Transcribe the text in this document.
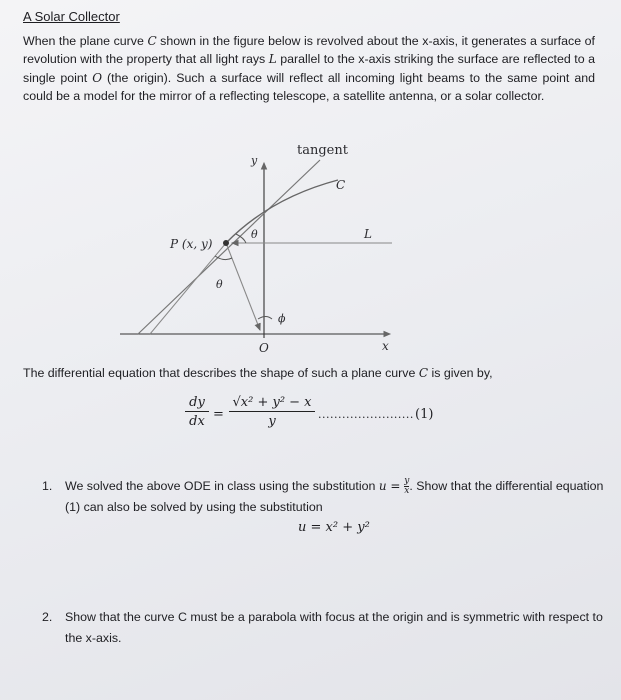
A Solar Collector
When the plane curve C shown in the figure below is revolved about the x-axis, it generates a surface of revolution with the property that all light rays L parallel to the x-axis striking the surface are reflected to a single point O (the origin). Such a surface will reflect all incoming light beams to the same point and could be a model for the mirror of a reflecting telescope, a satellite antenna, or a solar collector.
tangent
C
L
P (x, y)
θ
θ
ϕ
O	x
y
The differential equation that describes the shape of such a plane curve C is given by,
$\frac{dy}{dx} = \frac{\text{√x² + y² − x}}{y}$ ........................ (1)
1. We solved the above ODE in class using the substitution $u = \frac{y}{x}$ . Show that the differential equation (1) can also be solved by using the substitution
u = x² + y²
2. Show that the curve C must be a parabola with focus at the origin and is symmetric with respect to the x-axis.
